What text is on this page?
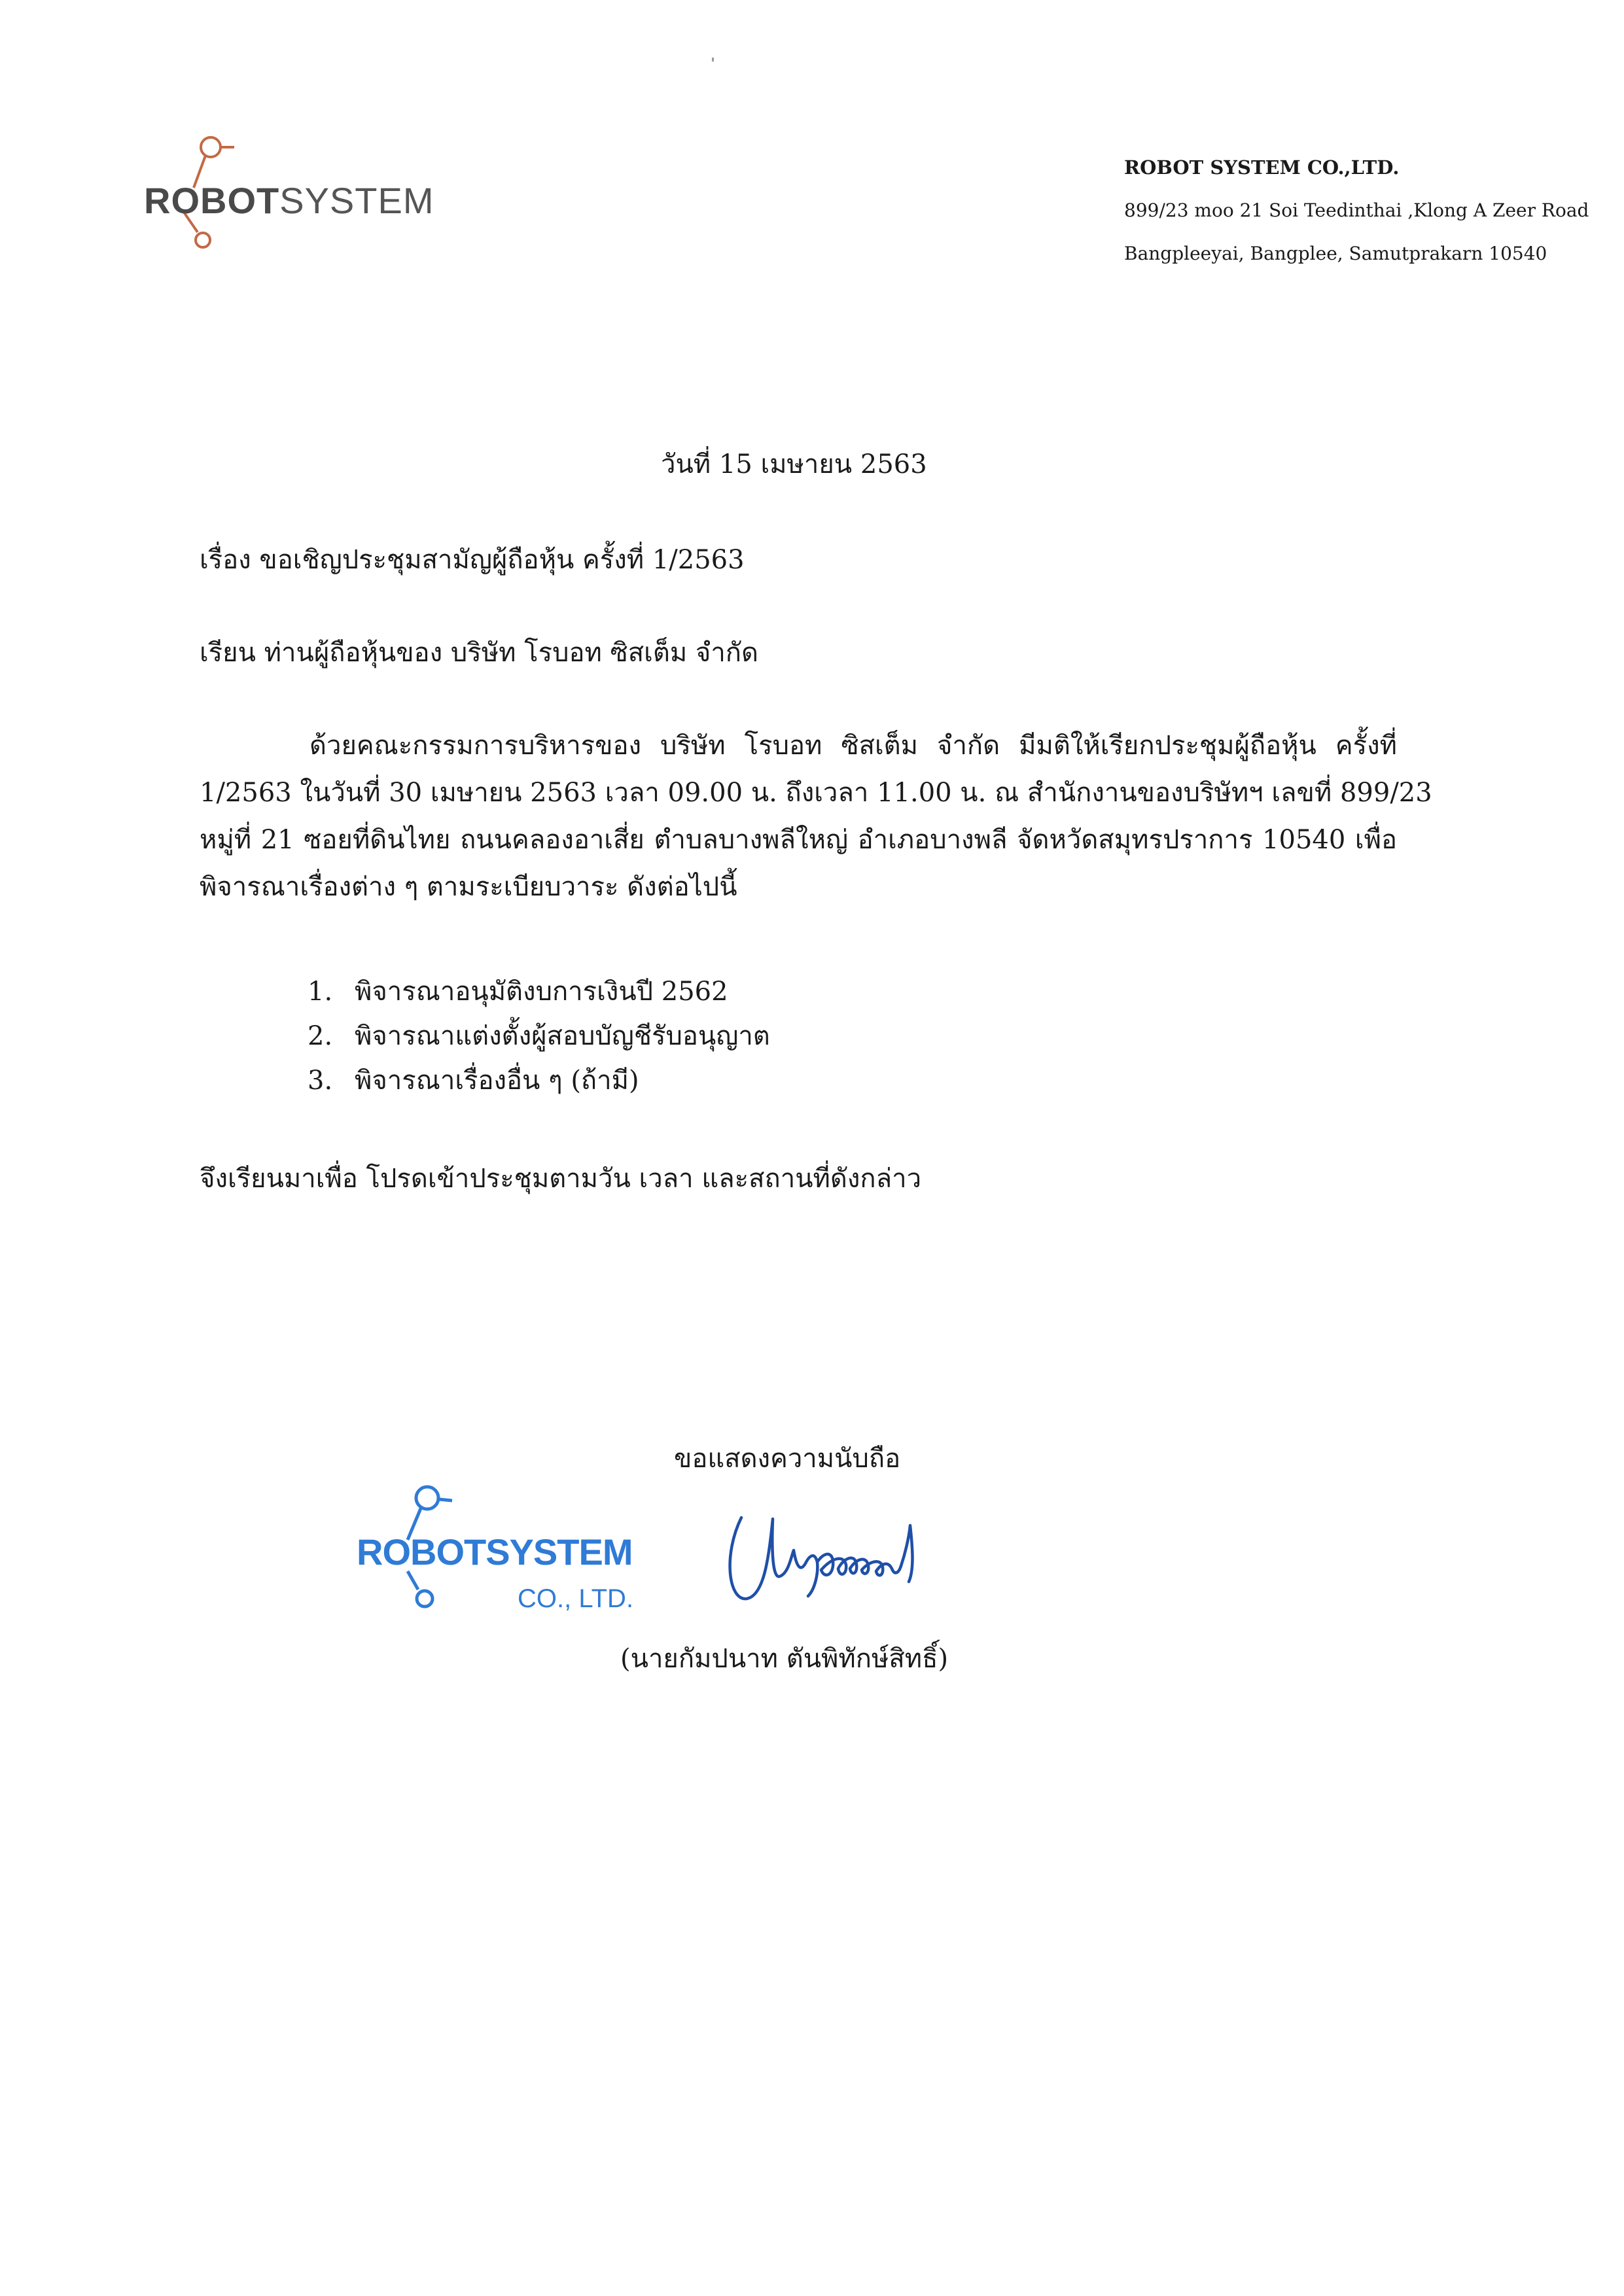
ROBOTSYSTEM
ROBOT SYSTEM CO.,LTD.
899/23 moo 21 Soi Teedinthai ,Klong A Zeer Road
Bangpleeyai, Bangplee, Samutprakarn 10540
วันที่ 15 เมษายน 2563
เรื่อง ขอเชิญประชุมสามัญผู้ถือหุ้น ครั้งที่ 1/2563
เรียน ท่านผู้ถือหุ้นของ บริษัท โรบอท ซิสเต็ม จำกัด
ด้วยคณะกรรมการบริหารของ บริษัท โรบอท ซิสเต็ม จำกัด มีมติให้เรียกประชุมผู้ถือหุ้น ครั้งที่
1/2563 ในวันที่ 30 เมษายน 2563 เวลา 09.00 น. ถึงเวลา 11.00 น. ณ สำนักงานของบริษัทฯ เลขที่ 899/23
หมู่ที่ 21 ซอยที่ดินไทย ถนนคลองอาเสี่ย ตำบลบางพลีใหญ่ อำเภอบางพลี จัดหวัดสมุทรปราการ 10540 เพื่อ
พิจารณาเรื่องต่าง ๆ ตามระเบียบวาระ ดังต่อไปนี้
1. พิจารณาอนุมัติงบการเงินปี 2562
2. พิจารณาแต่งตั้งผู้สอบบัญชีรับอนุญาต
3. พิจารณาเรื่องอื่น ๆ (ถ้ามี)
จึงเรียนมาเพื่อ โปรดเข้าประชุมตามวัน เวลา และสถานที่ดังกล่าว
ขอแสดงความนับถือ
ROBOTSYSTEM
CO., LTD.
(นายกัมปนาท ตันพิทักษ์สิทธิ์)
